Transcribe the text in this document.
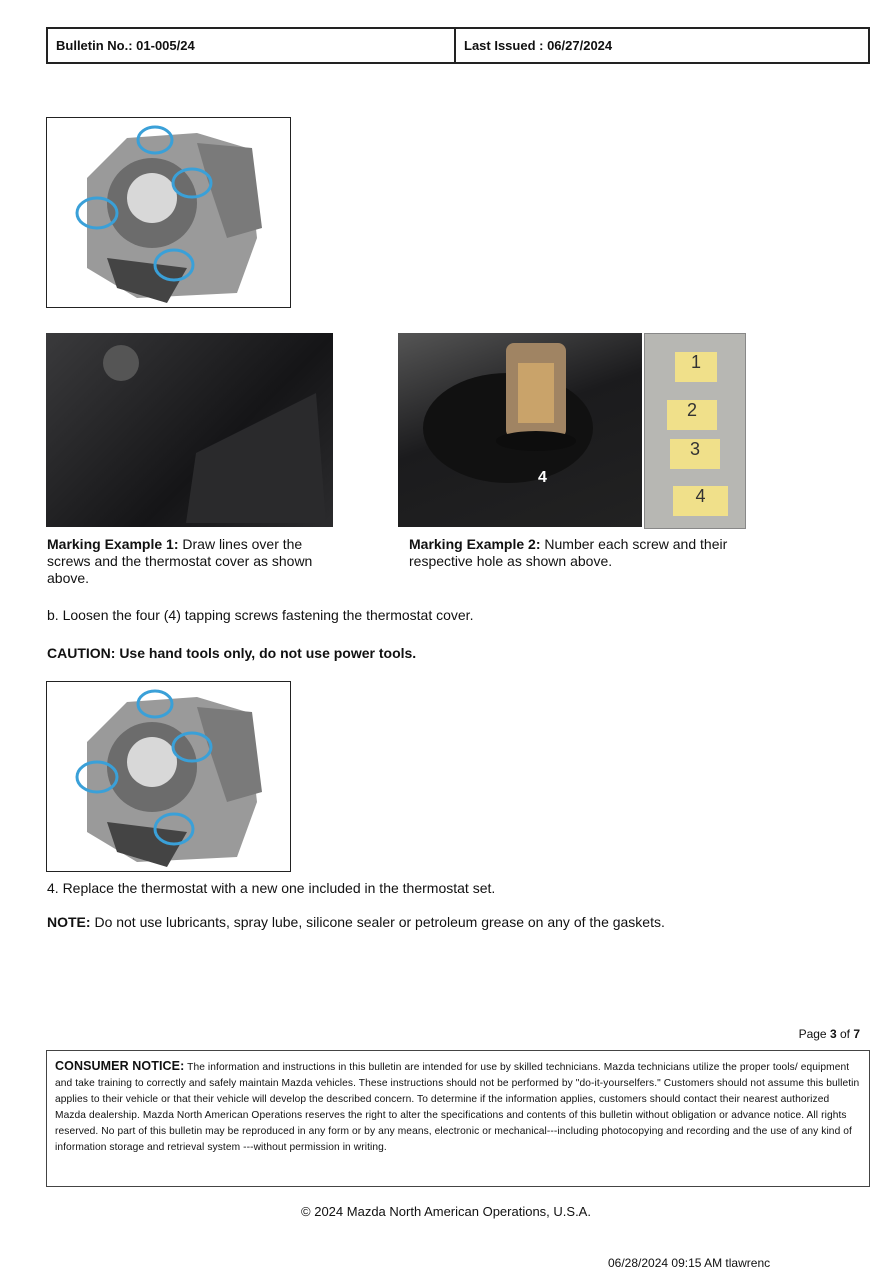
Bulletin No.: 01-005/24	Last Issued : 06/27/2024
4
1
2
3
4
Marking Example 1: Draw lines over the screws and the thermostat cover as shown above.
Marking Example 2: Number each screw and their respective hole as shown above.
b. Loosen the four (4) tapping screws fastening the thermostat cover.
CAUTION: Use hand tools only, do not use power tools.
4. Replace the thermostat with a new one included in the thermostat set.
NOTE: Do not use lubricants, spray lube, silicone sealer or petroleum grease on any of the gaskets.
Page 3 of 7
CONSUMER NOTICE: The information and instructions in this bulletin are intended for use by skilled technicians. Mazda technicians utilize the proper tools/ equipment and take training to correctly and safely maintain Mazda vehicles. These instructions should not be performed by "do-it-yourselfers." Customers should not assume this bulletin applies to their vehicle or that their vehicle will develop the described concern. To determine if the information applies, customers should contact their nearest authorized Mazda dealership. Mazda North American Operations reserves the right to alter the specifications and contents of this bulletin without obligation or advance notice. All rights reserved. No part of this bulletin may be reproduced in any form or by any means, electronic or mechanical---including photocopying and recording and the use of any kind of information storage and retrieval system ---without permission in writing.
© 2024 Mazda North American Operations, U.S.A.
06/28/2024 09:15 AM tlawrenc
